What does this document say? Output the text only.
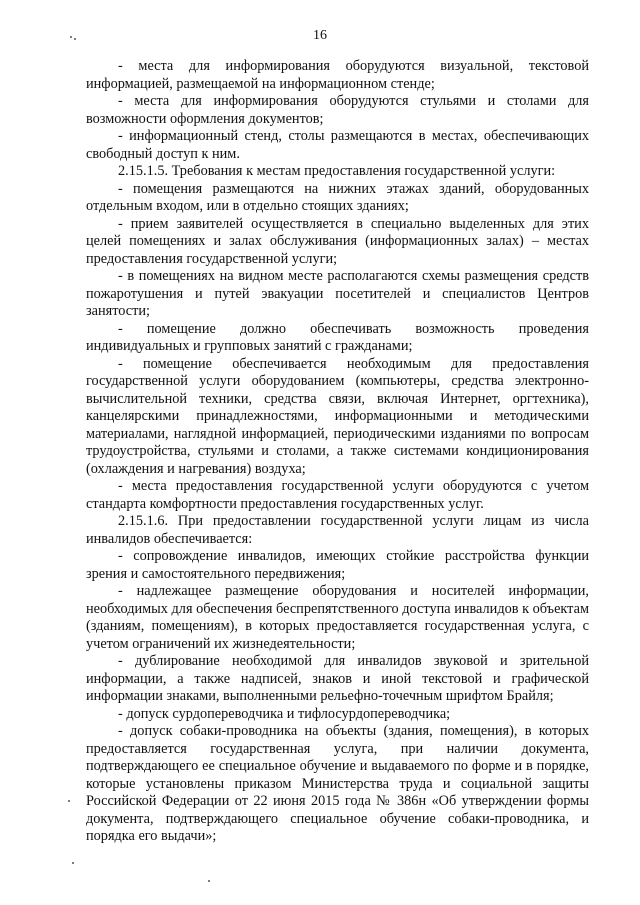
16

- места для информирования оборудуются визуальной, текстовой информацией, размещаемой на информационном стенде;

- места для информирования оборудуются стульями и столами для возможности оформления документов;

- информационный стенд, столы размещаются в местах, обеспечивающих свободный доступ к ним.

2.15.1.5. Требования к местам предоставления государственной услуги:

- помещения размещаются на нижних этажах зданий, оборудованных отдельным входом, или в отдельно стоящих зданиях;

- прием заявителей осуществляется в специально выделенных для этих целей помещениях и залах обслуживания (информационных залах) – местах предоставления государственной услуги;

- в помещениях на видном месте располагаются схемы размещения средств пожаротушения и путей эвакуации посетителей и специалистов Центров занятости;

- помещение должно обеспечивать возможность проведения индивидуальных и групповых занятий с гражданами;

- помещение обеспечивается необходимым для предоставления государственной услуги оборудованием (компьютеры, средства электронно-вычислительной техники, средства связи, включая Интернет, оргтехника), канцелярскими принадлежностями, информационными и методическими материалами, наглядной информацией, периодическими изданиями по вопросам трудоустройства, стульями и столами, а также системами кондиционирования (охлаждения и нагревания) воздуха;

- места предоставления государственной услуги оборудуются с учетом стандарта комфортности предоставления государственных услуг.

2.15.1.6. При предоставлении государственной услуги лицам из числа инвалидов обеспечивается:

- сопровождение инвалидов, имеющих стойкие расстройства функции зрения и самостоятельного передвижения;

- надлежащее размещение оборудования и носителей информации, необходимых для обеспечения беспрепятственного доступа инвалидов к объектам (зданиям, помещениям), в которых предоставляется государственная услуга, с учетом ограничений их жизнедеятельности;

- дублирование необходимой для инвалидов звуковой и зрительной информации, а также надписей, знаков и иной текстовой и графической информации знаками, выполненными рельефно-точечным шрифтом Брайля;

- допуск сурдопереводчика и тифлосурдопереводчика;

- допуск собаки-проводника на объекты (здания, помещения), в которых предоставляется государственная услуга, при наличии документа, подтверждающего ее специальное обучение и выдаваемого по форме и в порядке, которые установлены приказом Министерства труда и социальной защиты Российской Федерации от 22 июня 2015 года № 386н «Об утверждении формы документа, подтверждающего специальное обучение собаки-проводника, и порядка его выдачи»;
